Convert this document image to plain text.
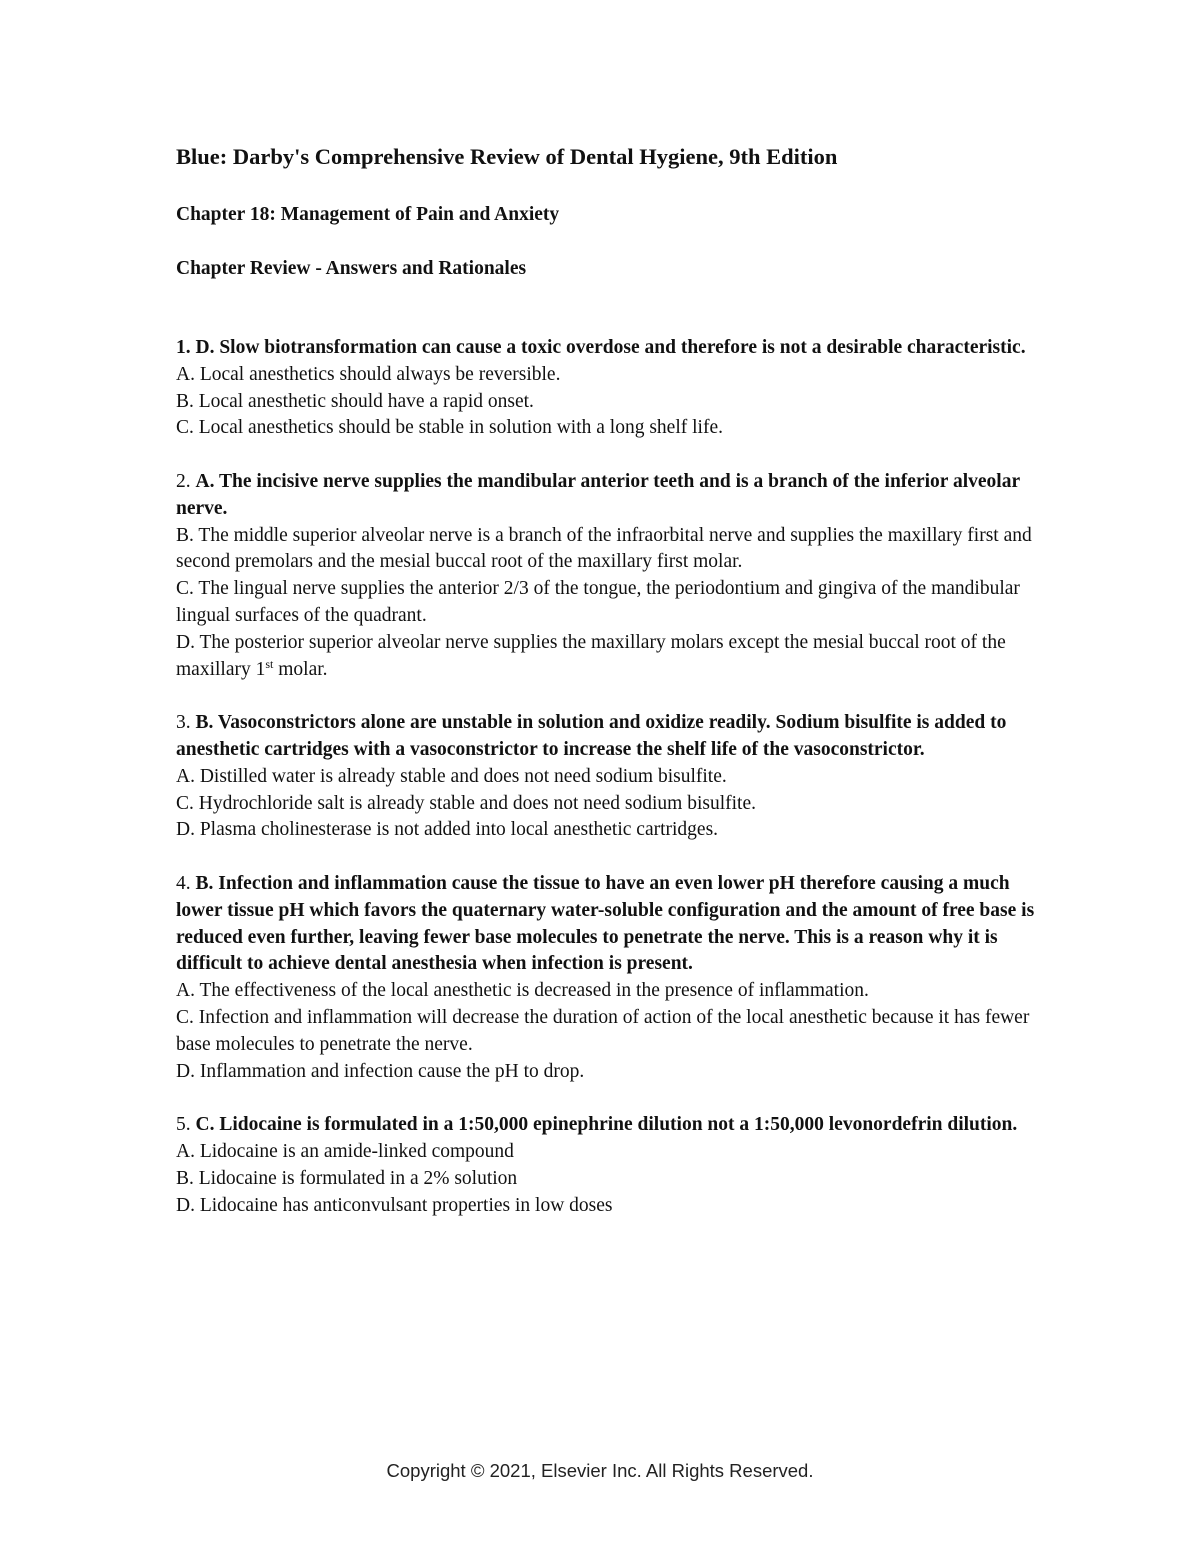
Blue: Darby's Comprehensive Review of Dental Hygiene, 9th Edition

Chapter 18: Management of Pain and Anxiety

Chapter Review - Answers and Rationales

1. D. Slow biotransformation can cause a toxic overdose and therefore is not a desirable characteristic.
A. Local anesthetics should always be reversible.
B. Local anesthetic should have a rapid onset.
C. Local anesthetics should be stable in solution with a long shelf life.
2. A. The incisive nerve supplies the mandibular anterior teeth and is a branch of the inferior alveolar nerve.
B. The middle superior alveolar nerve is a branch of the infraorbital nerve and supplies the maxillary first and second premolars and the mesial buccal root of the maxillary first molar.
C. The lingual nerve supplies the anterior 2/3 of the tongue, the periodontium and gingiva of the mandibular lingual surfaces of the quadrant.
D. The posterior superior alveolar nerve supplies the maxillary molars except the mesial buccal root of the maxillary 1st molar.
3. B. Vasoconstrictors alone are unstable in solution and oxidize readily. Sodium bisulfite is added to anesthetic cartridges with a vasoconstrictor to increase the shelf life of the vasoconstrictor.
A. Distilled water is already stable and does not need sodium bisulfite.
C. Hydrochloride salt is already stable and does not need sodium bisulfite.
D. Plasma cholinesterase is not added into local anesthetic cartridges.
4. B. Infection and inflammation cause the tissue to have an even lower pH therefore causing a much lower tissue pH which favors the quaternary water-soluble configuration and the amount of free base is reduced even further, leaving fewer base molecules to penetrate the nerve. This is a reason why it is difficult to achieve dental anesthesia when infection is present.
A. The effectiveness of the local anesthetic is decreased in the presence of inflammation.
C. Infection and inflammation will decrease the duration of action of the local anesthetic because it has fewer base molecules to penetrate the nerve.
D. Inflammation and infection cause the pH to drop.
5. C. Lidocaine is formulated in a 1:50,000 epinephrine dilution not a 1:50,000 levonordefrin dilution.
A. Lidocaine is an amide-linked compound
B. Lidocaine is formulated in a 2% solution
D. Lidocaine has anticonvulsant properties in low doses
Copyright © 2021, Elsevier Inc. All Rights Reserved.
